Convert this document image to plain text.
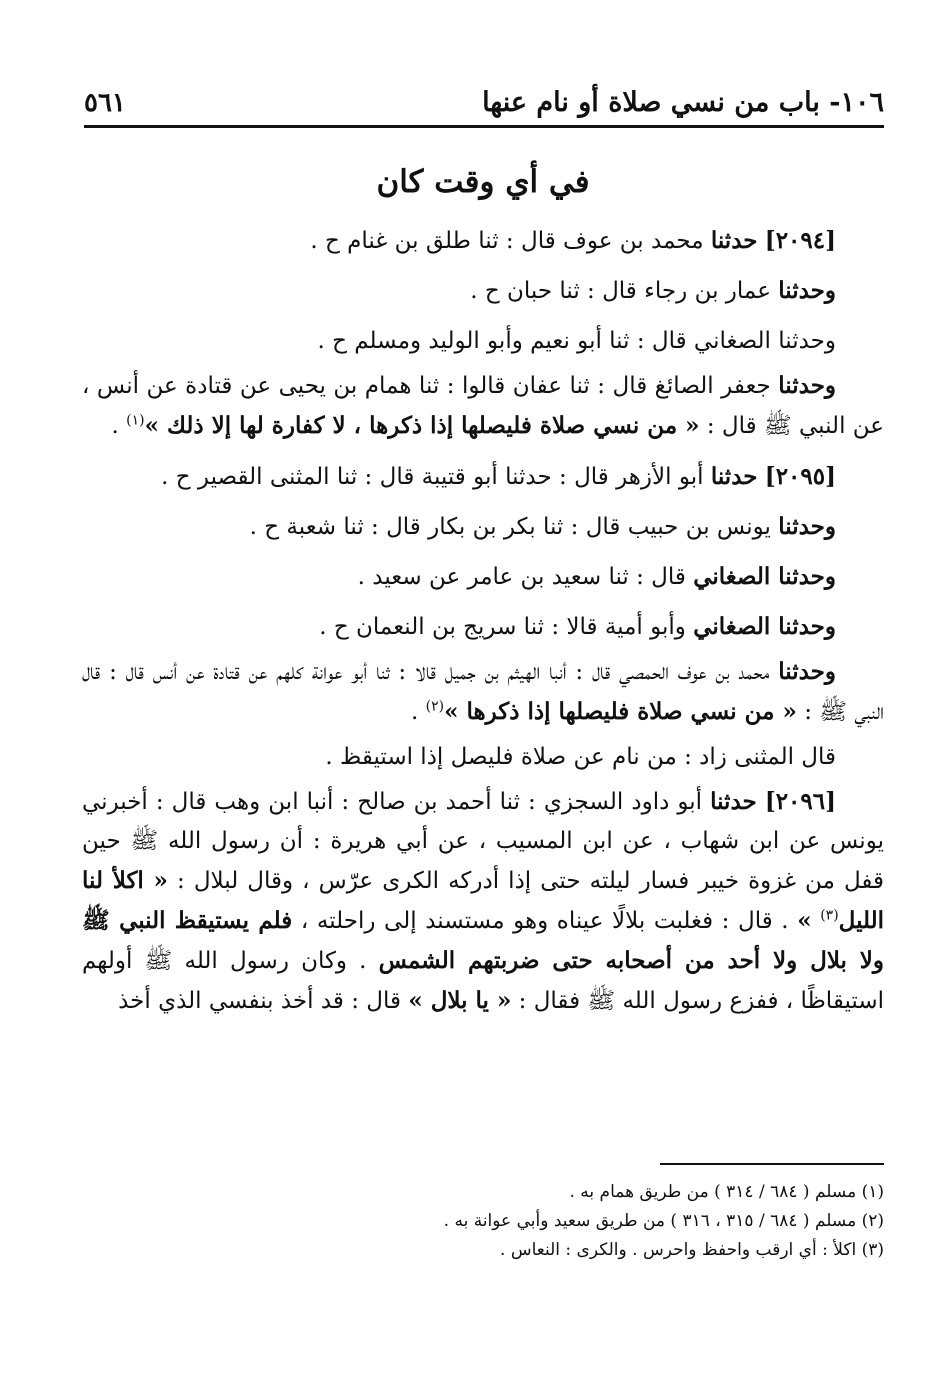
١٠٦- باب من نسي صلاة أو نام عنها
٥٦١
في أي وقت كان

[٢٠٩٤] حدثنا محمد بن عوف قال : ثنا طلق بن غنام ح .

وحدثنا عمار بن رجاء قال : ثنا حبان ح .

وحدثنا الصغاني قال : ثنا أبو نعيم وأبو الوليد ومسلم ح .

وحدثنا جعفر الصائغ قال : ثنا عفان قالوا : ثنا همام بن يحيى عن قتادة عن أنس ، عن النبي ﷺ قال : « من نسي صلاة فليصلها إذا ذكرها ، لا كفارة لها إلا ذلك »$^{(١)}$ .

[٢٠٩٥] حدثنا أبو الأزهر قال : حدثنا أبو قتيبة قال : ثنا المثنى القصير ح .

وحدثنا يونس بن حبيب قال : ثنا بكر بن بكار قال : ثنا شعبة ح .

وحدثنا الصغاني قال : ثنا سعيد بن عامر عن سعيد .

وحدثنا الصغاني وأبو أمية قالا : ثنا سريج بن النعمان ح .

وحدثنا محمد بن عوف الحمصي قال : أنبا الهيثم بن جميل قالا : ثنا أبو عوانة كلهم عن قتادة عن أنس قال : قال النبي ﷺ : « من نسي صلاة فليصلها إذا ذكرها »$^{(٢)}$ .

قال المثنى زاد : من نام عن صلاة فليصل إذا استيقظ .

[٢٠٩٦] حدثنا أبو داود السجزي : ثنا أحمد بن صالح : أنبا ابن وهب قال : أخبرني يونس عن ابن شهاب ، عن ابن المسيب ، عن أبي هريرة : أن رسول الله ﷺ حين قفل من غزوة خيبر فسار ليلته حتى إذا أدركه الكرى عرّس ، وقال لبلال : « اكلأ لنا الليل$^{(٣)}$ » . قال : فغلبت بلالًا عيناه وهو مستسند إلى راحلته ، فلم يستيقظ النبي ﷺ ولا بلال ولا أحد من أصحابه حتى ضربتهم الشمس . وكان رسول الله ﷺ أولهم استيقاظًا ، ففزع رسول الله ﷺ فقال : « يا بلال » قال : قد أخذ بنفسي الذي أخذ

(١) مسلم ( ٦٨٤ / ٣١٤ ) من طريق همام به .

(٢) مسلم ( ٦٨٤ / ٣١٥ ، ٣١٦ ) من طريق سعيد وأبي عوانة به .

(٣) اكلأ : أي ارقب واحفظ واحرس . والكرى : النعاس .
